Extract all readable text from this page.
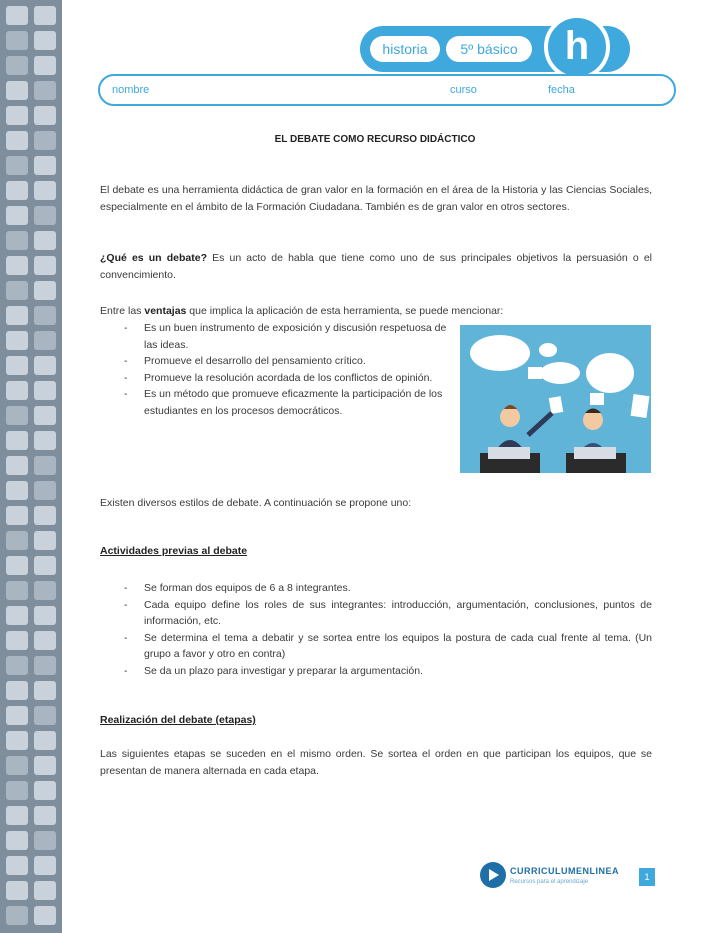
historia	5º básico	h
nombre	curso	fecha
EL DEBATE COMO RECURSO DIDÁCTICO
El debate es una herramienta didáctica de gran valor en la formación en el área de la Historia y las Ciencias Sociales, especialmente en el ámbito de la Formación Ciudadana. También es de gran valor en otros sectores.
¿Qué es un debate? Es un acto de habla que tiene como uno de sus principales objetivos la persuasión o el convencimiento.
Entre las ventajas que implica la aplicación de esta herramienta, se puede mencionar:
- Es un buen instrumento de exposición y discusión respetuosa de las ideas.
- Promueve el desarrollo del pensamiento crítico.
- Promueve la resolución acordada de los conflictos de opinión.
- Es un método que promueve eficazmente la participación de los estudiantes en los procesos democráticos.
Existen diversos estilos de debate. A continuación se propone uno:
Actividades previas al debate
- Se forman dos equipos de 6 a 8 integrantes.
- Cada equipo define los roles de sus integrantes: introducción, argumentación, conclusiones, puntos de información, etc.
- Se determina el tema a debatir y se sortea entre los equipos la postura de cada cual frente al tema. (Un grupo a favor y otro en contra)
- Se da un plazo para investigar y preparar la argumentación.
Realización del debate (etapas)
Las siguientes etapas se suceden en el mismo orden. Se sortea el orden en que participan los equipos, que se presentan de manera alternada en cada etapa.
CURRICULUMENLINEA
Recursos para el aprendizaje	1
